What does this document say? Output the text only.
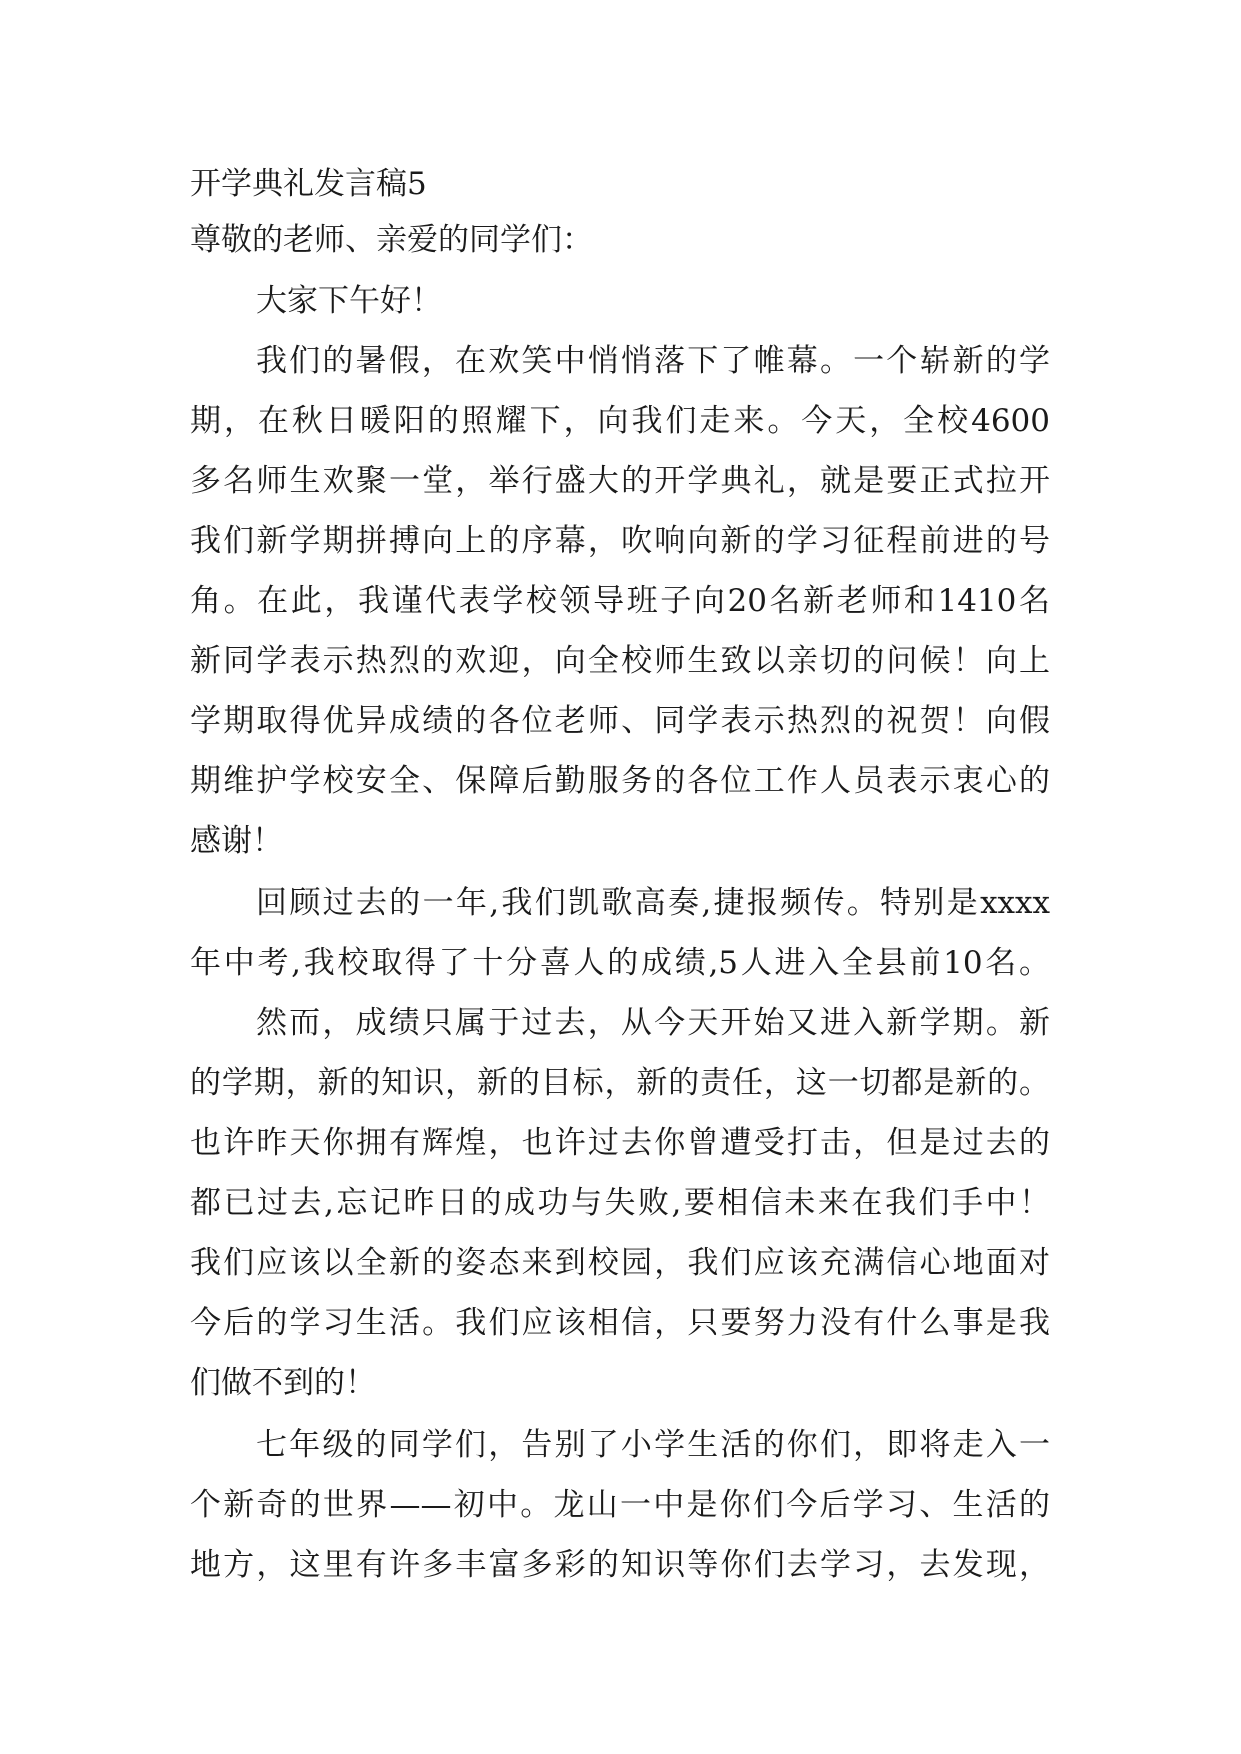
开学典礼发言稿5
尊敬的老师、亲爱的同学们：
大家下午好！
我们的暑假，在欢笑中悄悄落下了帷幕。一个崭新的学
期，在秋日暖阳的照耀下，向我们走来。今天，全校4600
多名师生欢聚一堂，举行盛大的开学典礼，就是要正式拉开
我们新学期拼搏向上的序幕，吹响向新的学习征程前进的号
角。在此，我谨代表学校领导班子向20名新老师和1410名
新同学表示热烈的欢迎，向全校师生致以亲切的问候！向上
学期取得优异成绩的各位老师、同学表示热烈的祝贺！向假
期维护学校安全、保障后勤服务的各位工作人员表示衷心的
感谢！
回顾过去的一年,我们凯歌高奏,捷报频传。特别是xxxx
年中考,我校取得了十分喜人的成绩,5人进入全县前10名。
然而，成绩只属于过去，从今天开始又进入新学期。新
的学期，新的知识，新的目标，新的责任，这一切都是新的。
也许昨天你拥有辉煌，也许过去你曾遭受打击，但是过去的
都已过去,忘记昨日的成功与失败,要相信未来在我们手中！
我们应该以全新的姿态来到校园，我们应该充满信心地面对
今后的学习生活。我们应该相信，只要努力没有什么事是我
们做不到的！
七年级的同学们，告别了小学生活的你们，即将走入一
个新奇的世界——初中。龙山一中是你们今后学习、生活的
地方，这里有许多丰富多彩的知识等你们去学习，去发现，
